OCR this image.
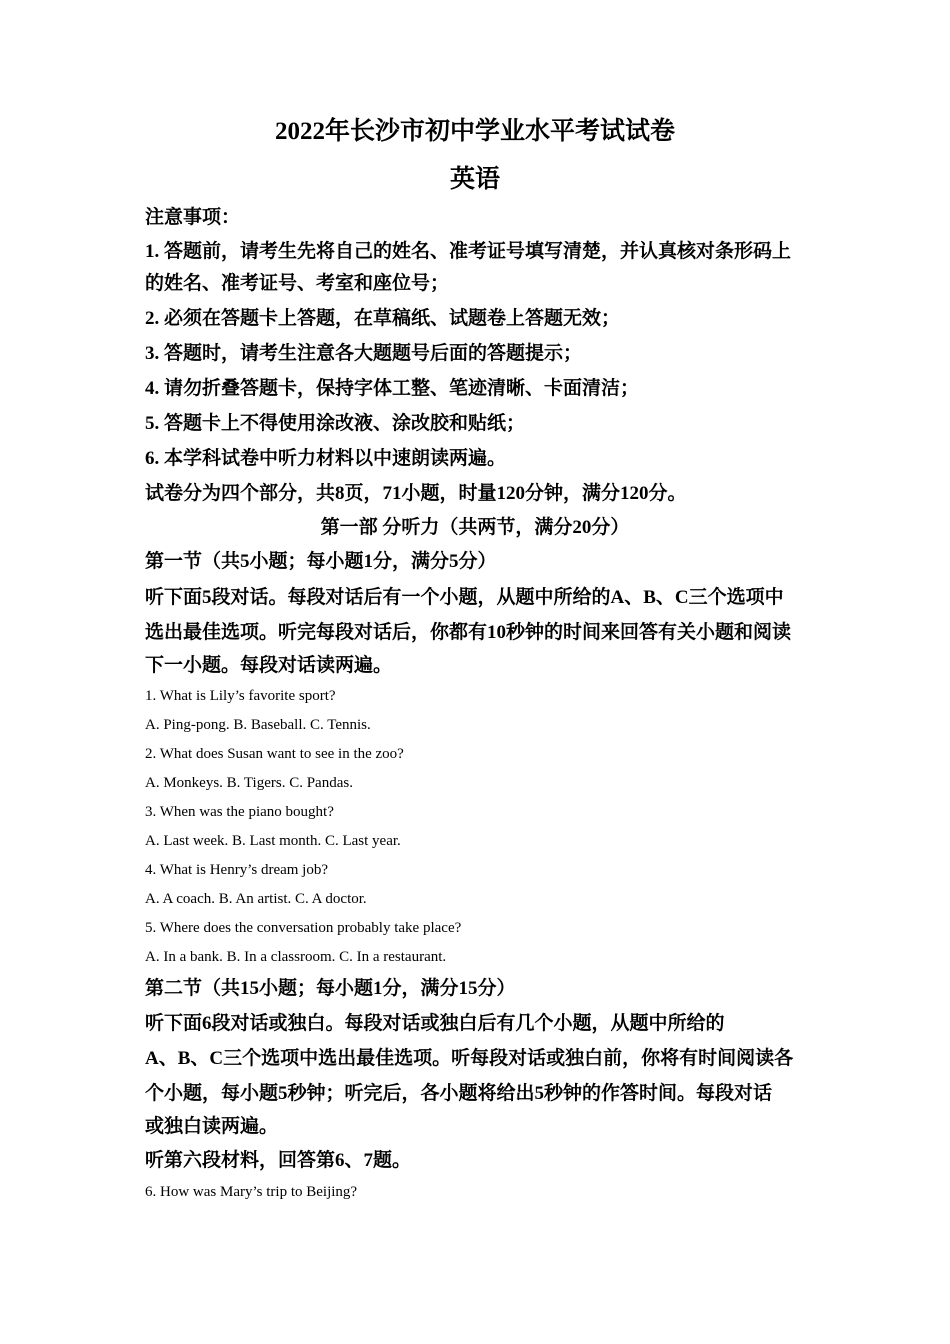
2022年长沙市初中学业水平考试试卷
英语
注意事项：
1. 答题前，请考生先将自己的姓名、准考证号填写清楚，并认真核对条形码上
的姓名、准考证号、考室和座位号；
2. 必须在答题卡上答题，在草稿纸、试题卷上答题无效；
3. 答题时，请考生注意各大题题号后面的答题提示；
4. 请勿折叠答题卡，保持字体工整、笔迹清晰、卡面清洁；
5. 答题卡上不得使用涂改液、涂改胶和贴纸；
6. 本学科试卷中听力材料以中速朗读两遍。
试卷分为四个部分，共8页，71小题，时量120分钟，满分120分。
第一部 分听力（共两节，满分20分）
第一节（共5小题；每小题1分，满分5分）
听下面5段对话。每段对话后有一个小题，从题中所给的A、B、C三个选项中
选出最佳选项。听完每段对话后，你都有10秒钟的时间来回答有关小题和阅读
下一小题。每段对话读两遍。
1. What is Lily’s favorite sport?
A. Ping-pong. B. Baseball. C. Tennis.
2. What does Susan want to see in the zoo?
A. Monkeys. B. Tigers. C. Pandas.
3. When was the piano bought?
A. Last week. B. Last month. C. Last year.
4. What is Henry’s dream job?
A. A coach. B. An artist. C. A doctor.
5. Where does the conversation probably take place?
A. In a bank. B. In a classroom. C. In a restaurant.
第二节（共15小题；每小题1分，满分15分）
听下面6段对话或独白。每段对话或独白后有几个小题，从题中所给的
A、B、C三个选项中选出最佳选项。听每段对话或独白前，你将有时间阅读各
个小题，每小题5秒钟；听完后，各小题将给出5秒钟的作答时间。每段对话
或独白读两遍。
听第六段材料，回答第6、7题。
6. How was Mary’s trip to Beijing?
